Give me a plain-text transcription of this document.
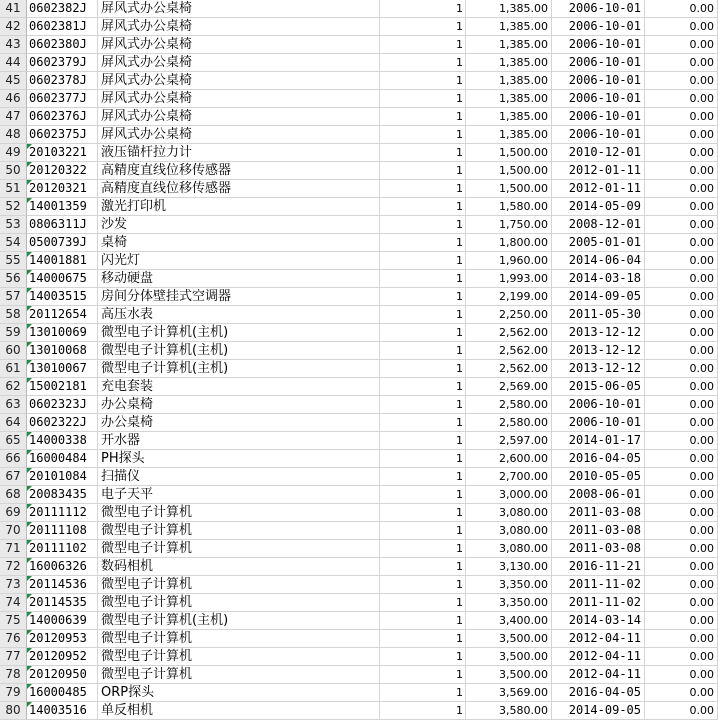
41 0602382J	屏风式办公桌椅	1	1,385.00	2006-10-01	0.00
42 0602381J	屏风式办公桌椅	1	1,385.00	2006-10-01	0.00
43 0602380J	屏风式办公桌椅	1	1,385.00	2006-10-01	0.00
44 0602379J	屏风式办公桌椅	1	1,385.00	2006-10-01	0.00
45 0602378J	屏风式办公桌椅	1	1,385.00	2006-10-01	0.00
46 0602377J	屏风式办公桌椅	1	1,385.00	2006-10-01	0.00
47 0602376J	屏风式办公桌椅	1	1,385.00	2006-10-01	0.00
48 0602375J	屏风式办公桌椅	1	1,385.00	2006-10-01	0.00
49 20103221	液压锚杆拉力计	1	1,500.00	2010-12-01	0.00
50 20120322	高精度直线位移传感器	1	1,500.00	2012-01-11	0.00
51 20120321	高精度直线位移传感器	1	1,500.00	2012-01-11	0.00
52 14001359	激光打印机	1	1,580.00	2014-05-09	0.00
53 0806311J	沙发	1	1,750.00	2008-12-01	0.00
54 0500739J	桌椅	1	1,800.00	2005-01-01	0.00
55 14001881	闪光灯	1	1,960.00	2014-06-04	0.00
56 14000675	移动硬盘	1	1,993.00	2014-03-18	0.00
57 14003515	房间分体壁挂式空调器	1	2,199.00	2014-09-05	0.00
58 20112654	高压水表	1	2,250.00	2011-05-30	0.00
59 13010069	微型电子计算机(主机)	1	2,562.00	2013-12-12	0.00
60 13010068	微型电子计算机(主机)	1	2,562.00	2013-12-12	0.00
61 13010067	微型电子计算机(主机)	1	2,562.00	2013-12-12	0.00
62 15002181	充电套装	1	2,569.00	2015-06-05	0.00
63 0602323J	办公桌椅	1	2,580.00	2006-10-01	0.00
64 0602322J	办公桌椅	1	2,580.00	2006-10-01	0.00
65 14000338	开水器	1	2,597.00	2014-01-17	0.00
66 16000484	PH探头	1	2,600.00	2016-04-05	0.00
67 20101084	扫描仪	1	2,700.00	2010-05-05	0.00
68 20083435	电子天平	1	3,000.00	2008-06-01	0.00
69 20111112	微型电子计算机	1	3,080.00	2011-03-08	0.00
70 20111108	微型电子计算机	1	3,080.00	2011-03-08	0.00
71 20111102	微型电子计算机	1	3,080.00	2011-03-08	0.00
72 16006326	数码相机	1	3,130.00	2016-11-21	0.00
73 20114536	微型电子计算机	1	3,350.00	2011-11-02	0.00
74 20114535	微型电子计算机	1	3,350.00	2011-11-02	0.00
75 14000639	微型电子计算机(主机)	1	3,400.00	2014-03-14	0.00
76 20120953	微型电子计算机	1	3,500.00	2012-04-11	0.00
77 20120952	微型电子计算机	1	3,500.00	2012-04-11	0.00
78 20120950	微型电子计算机	1	3,500.00	2012-04-11	0.00
79 16000485	ORP探头	1	3,569.00	2016-04-05	0.00
80 14003516	单反相机	1	3,580.00	2014-09-05	0.00
